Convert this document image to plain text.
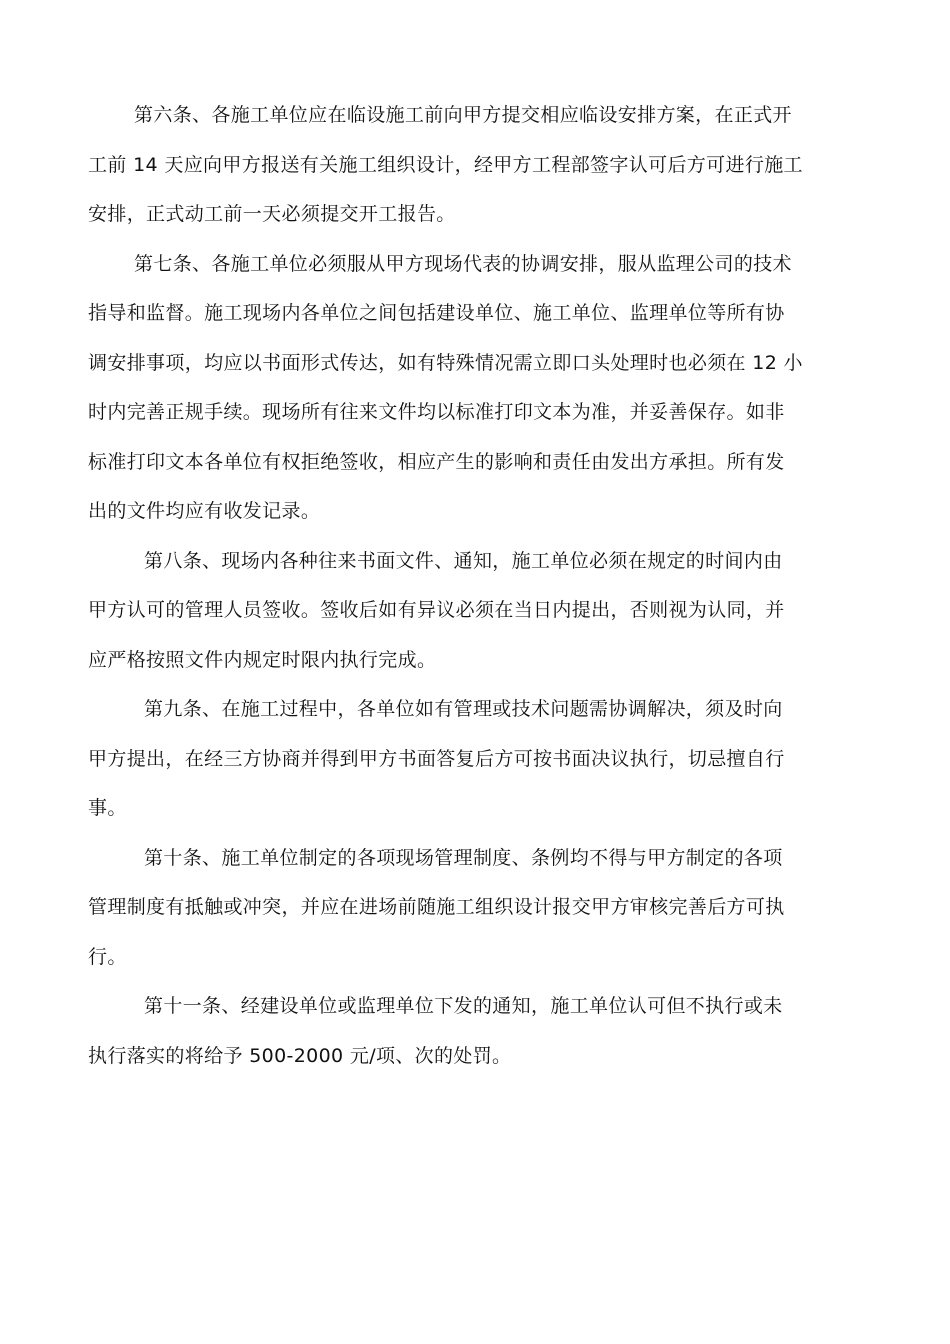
第六条、各施工单位应在临设施工前向甲方提交相应临设安排方案，在正式开
工前 14 天应向甲方报送有关施工组织设计，经甲方工程部签字认可后方可进行施工
安排，正式动工前一天必须提交开工报告。
第七条、各施工单位必须服从甲方现场代表的协调安排，服从监理公司的技术
指导和监督。施工现场内各单位之间包括建设单位、施工单位、监理单位等所有协
调安排事项，均应以书面形式传达，如有特殊情况需立即口头处理时也必须在 12 小
时内完善正规手续。现场所有往来文件均以标准打印文本为准，并妥善保存。如非
标准打印文本各单位有权拒绝签收，相应产生的影响和责任由发出方承担。所有发
出的文件均应有收发记录。
第八条、现场内各种往来书面文件、通知，施工单位必须在规定的时间内由
甲方认可的管理人员签收。签收后如有异议必须在当日内提出，否则视为认同，并
应严格按照文件内规定时限内执行完成。
第九条、在施工过程中，各单位如有管理或技术问题需协调解决，须及时向
甲方提出，在经三方协商并得到甲方书面答复后方可按书面决议执行，切忌擅自行
事。
第十条、施工单位制定的各项现场管理制度、条例均不得与甲方制定的各项
管理制度有抵触或冲突，并应在进场前随施工组织设计报交甲方审核完善后方可执
行。
第十一条、经建设单位或监理单位下发的通知，施工单位认可但不执行或未
执行落实的将给予 500-2000 元/项、次的处罚。
